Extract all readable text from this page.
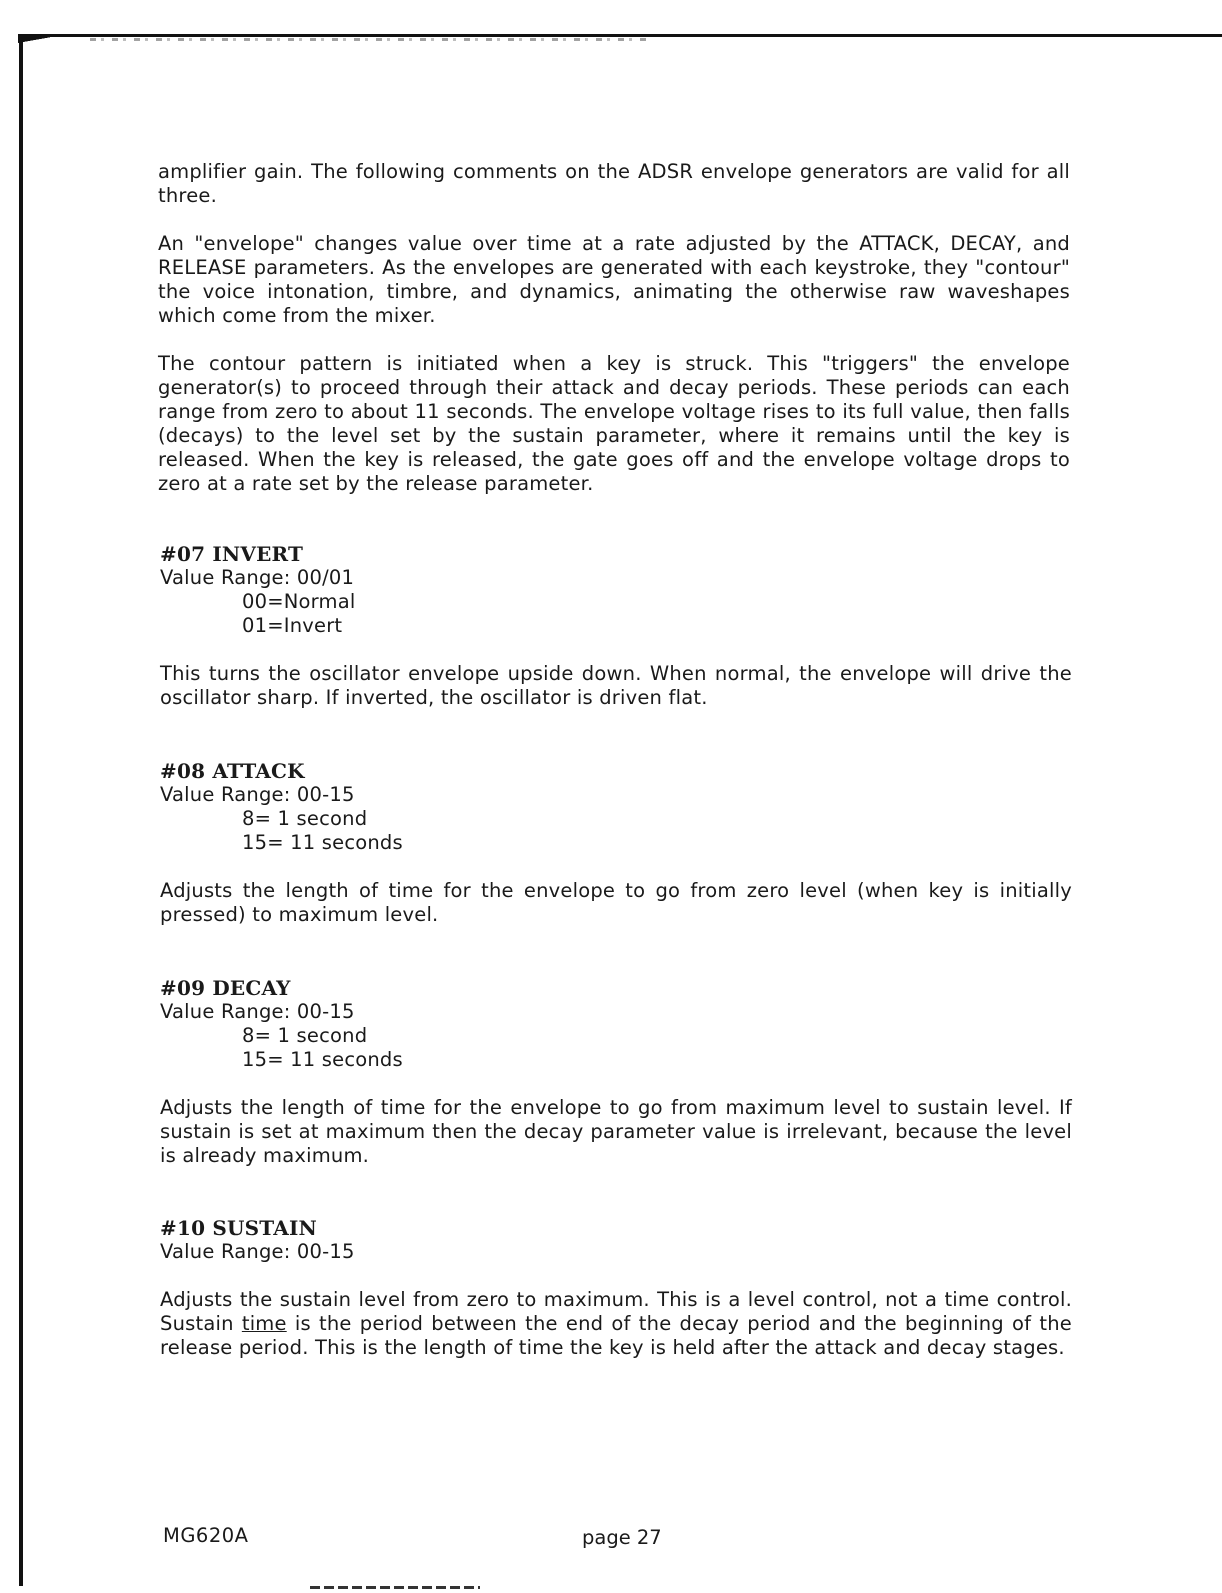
amplifier gain. The following comments on the ADSR envelope generators are valid for all three.

An "envelope" changes value over time at a rate adjusted by the ATTACK, DECAY, and RELEASE parameters. As the envelopes are generated with each keystroke, they "contour" the voice intonation, timbre, and dynamics, animating the otherwise raw waveshapes which come from the mixer.

The contour pattern is initiated when a key is struck. This "triggers" the envelope generator(s) to proceed through their attack and decay periods. These periods can each range from zero to about 11 seconds. The envelope voltage rises to its full value, then falls (decays) to the level set by the sustain parameter, where it remains until the key is released. When the key is released, the gate goes off and the envelope voltage drops to zero at a rate set by the release parameter.

#07 INVERT

Value Range: 00/01

00=Normal

01=Invert

This turns the oscillator envelope upside down. When normal, the envelope will drive the oscillator sharp. If inverted, the oscillator is driven flat.

#08 ATTACK

Value Range: 00-15

8= 1 second

15= 11 seconds

Adjusts the length of time for the envelope to go from zero level (when key is initially pressed) to maximum level.

#09 DECAY

Value Range: 00-15

8= 1 second

15= 11 seconds

Adjusts the length of time for the envelope to go from maximum level to sustain level. If sustain is set at maximum then the decay parameter value is irrelevant, because the level is already maximum.

#10 SUSTAIN

Value Range: 00-15

Adjusts the sustain level from zero to maximum. This is a level control, not a time control. Sustain time is the period between the end of the decay period and the beginning of the release period. This is the length of time the key is held after the attack and decay stages.

MG620A	page 27
